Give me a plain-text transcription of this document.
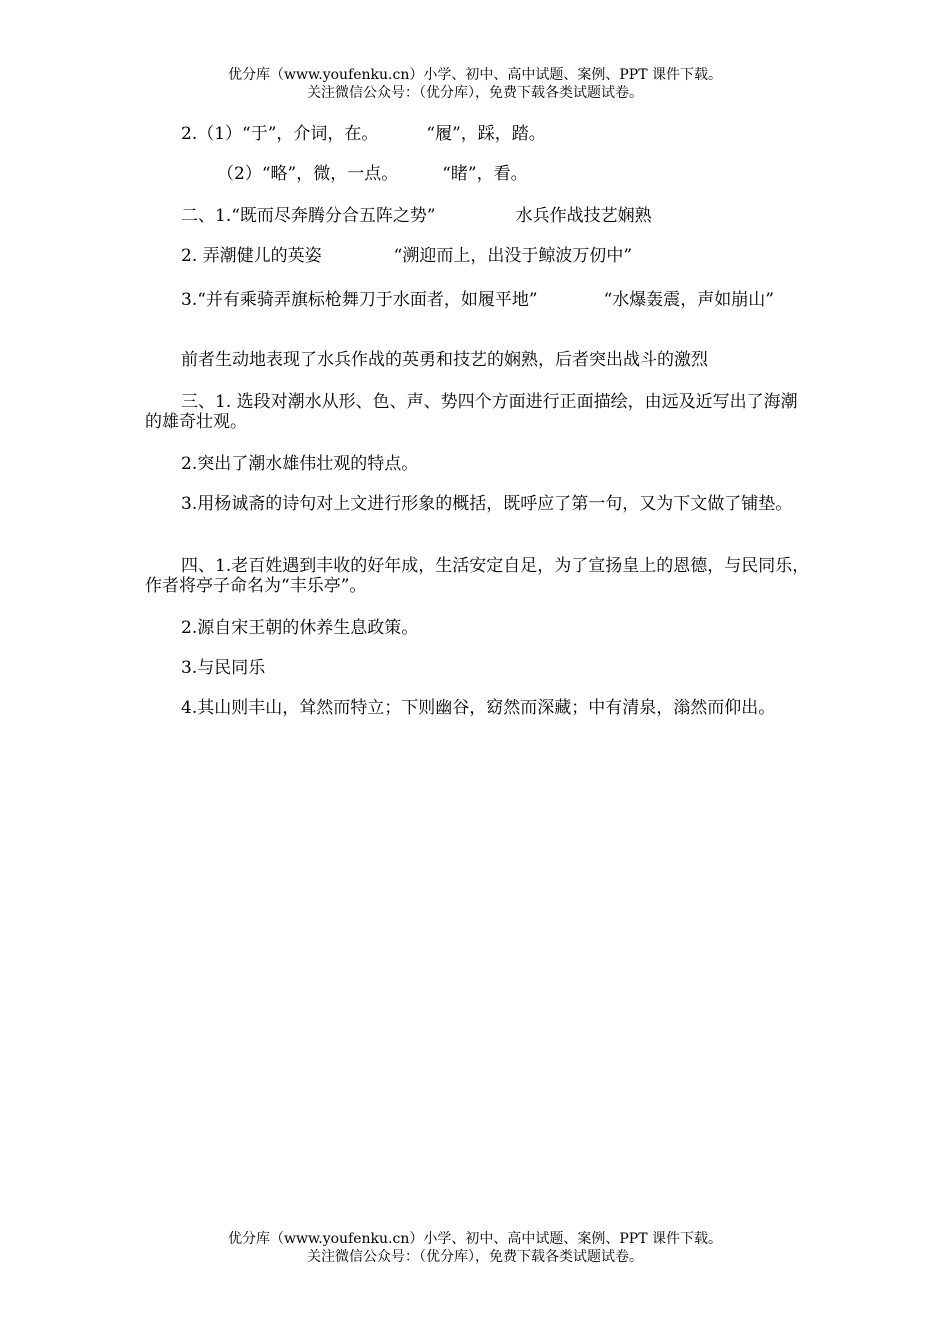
优分库（www.youfenku.cn）小学、初中、高中试题、案例、PPT 课件下载。
关注微信公众号：（优分库），免费下载各类试题试卷。

2.（1）“于”，介词，在。	“履”，踩，踏。

（2）“略”，微，一点。	“睹”，看。

二、1.“既而尽奔腾分合五阵之势”	水兵作战技艺娴熟

2. 弄潮健儿的英姿	“溯迎而上，出没于鲸波万仞中”

3.“并有乘骑弄旗标枪舞刀于水面者，如履平地”	“水爆轰震，声如崩山”

前者生动地表现了水兵作战的英勇和技艺的娴熟，后者突出战斗的激烈

三、1. 选段对潮水从形、色、声、势四个方面进行正面描绘，由远及近写出了海潮的雄奇壮观。

2.突出了潮水雄伟壮观的特点。

3.用杨诚斋的诗句对上文进行形象的概括，既呼应了第一句，又为下文做了铺垫。

四、1.老百姓遇到丰收的好年成，生活安定自足，为了宣扬皇上的恩德，与民同乐，作者将亭子命名为“丰乐亭”。

2.源自宋王朝的休养生息政策。

3.与民同乐

4.其山则丰山，耸然而特立；下则幽谷，窈然而深藏；中有清泉，滃然而仰出。

优分库（www.youfenku.cn）小学、初中、高中试题、案例、PPT 课件下载。
关注微信公众号：（优分库），免费下载各类试题试卷。
